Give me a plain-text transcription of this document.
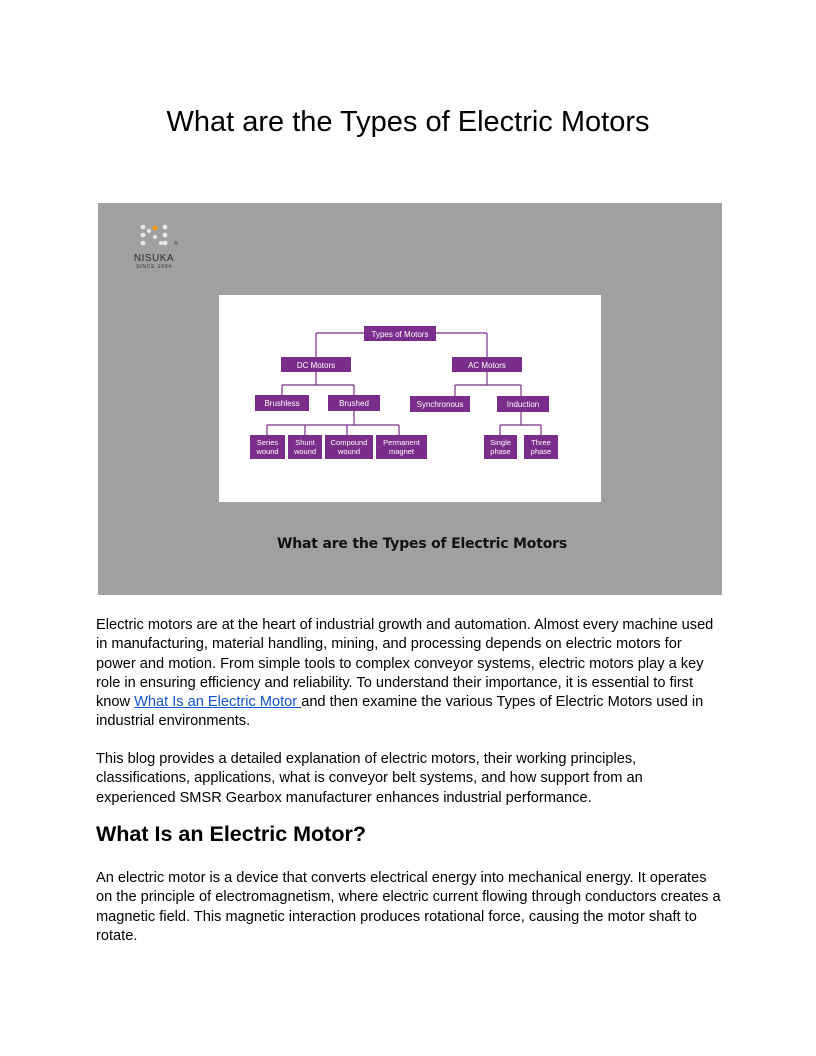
What are the Types of Electric Motors
NISUKA
SINCE 1994
®
Types of Motors
DC Motors	AC Motors
Brushless	Brushed	Synchronous	Induction
Series
wound
Shunt
wound
Compound
wound
Permanent
magnet
Single
phase
Three
phase
What are the Types of Electric Motors

Electric motors are at the heart of industrial growth and automation. Almost every machine used in manufacturing, material handling, mining, and processing depends on electric motors for power and motion. From simple tools to complex conveyor systems, electric motors play a key role in ensuring efficiency and reliability. To understand their importance, it is essential to first know What Is an Electric Motor and then examine the various Types of Electric Motors used in industrial environments.

This blog provides a detailed explanation of electric motors, their working principles, classifications, applications, what is conveyor belt systems, and how support from an experienced SMSR Gearbox manufacturer enhances industrial performance.

What Is an Electric Motor?

An electric motor is a device that converts electrical energy into mechanical energy. It operates on the principle of electromagnetism, where electric current flowing through conductors creates a magnetic field. This magnetic interaction produces rotational force, causing the motor shaft to rotate.
